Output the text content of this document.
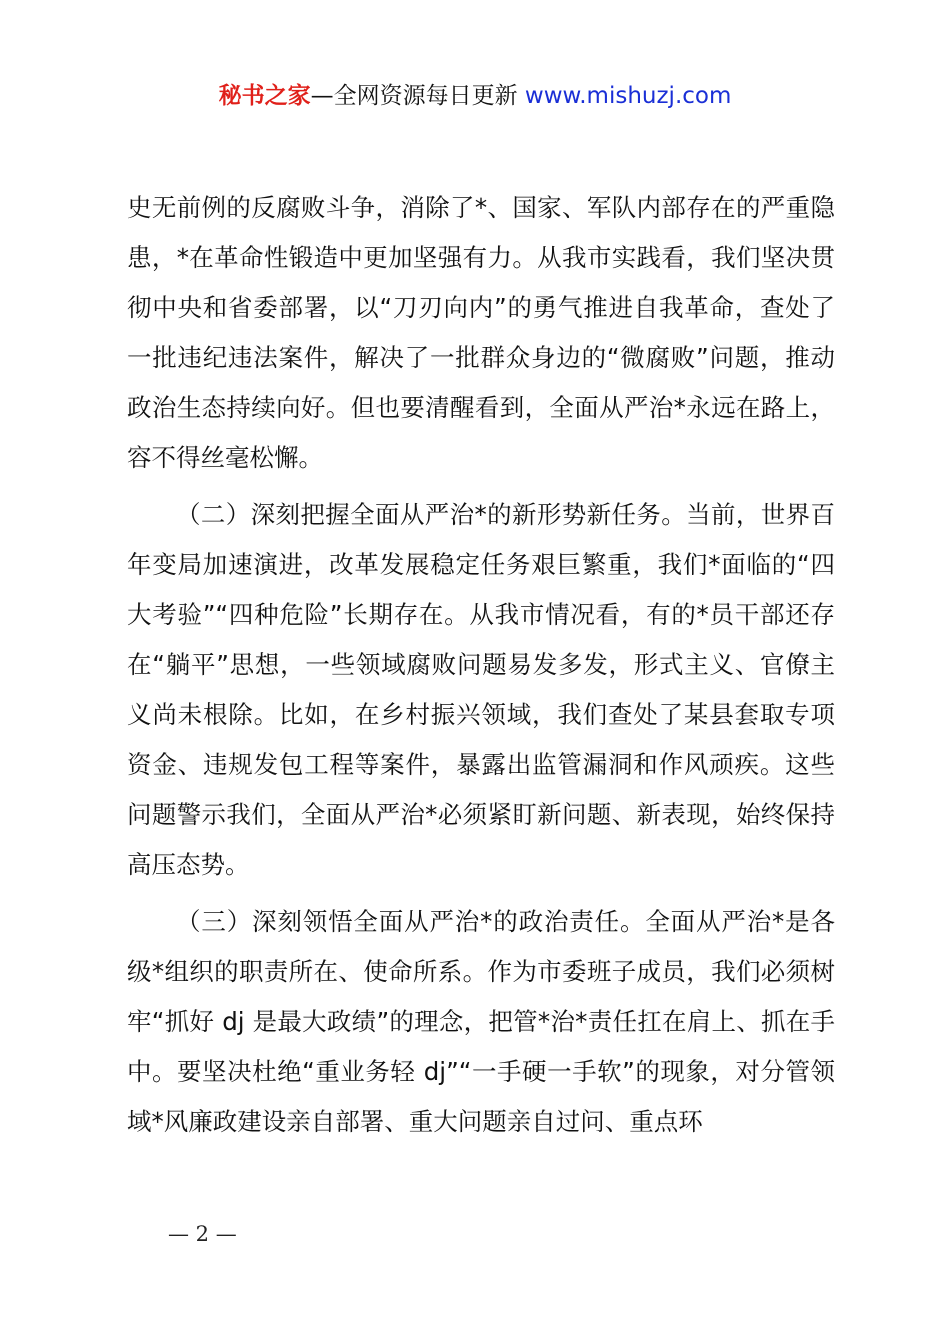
秘书之家—全网资源每日更新 www.mishuzj.com

史无前例的反腐败斗争，消除了*、国家、军队内部存在的严重隐患，*在革命性锻造中更加坚强有力。从我市实践看，我们坚决贯彻中央和省委部署，以“刀刃向内”的勇气推进自我革命，查处了一批违纪违法案件，解决了一批群众身边的“微腐败”问题，推动政治生态持续向好。但也要清醒看到，全面从严治*永远在路上，容不得丝毫松懈。

（二）深刻把握全面从严治*的新形势新任务。当前，世界百年变局加速演进，改革发展稳定任务艰巨繁重，我们*面临的“四大考验”“四种危险”长期存在。从我市情况看，有的*员干部还存在“躺平”思想，一些领域腐败问题易发多发，形式主义、官僚主义尚未根除。比如，在乡村振兴领域，我们查处了某县套取专项资金、违规发包工程等案件，暴露出监管漏洞和作风顽疾。这些问题警示我们，全面从严治*必须紧盯新问题、新表现，始终保持高压态势。

（三）深刻领悟全面从严治*的政治责任。全面从严治*是各级*组织的职责所在、使命所系。作为市委班子成员，我们必须树牢“抓好 dj 是最大政绩”的理念，把管*治*责任扛在肩上、抓在手中。要坚决杜绝“重业务轻 dj”“一手硬一手软”的现象，对分管领域*风廉政建设亲自部署、重大问题亲自过问、重点环

— 2 —
